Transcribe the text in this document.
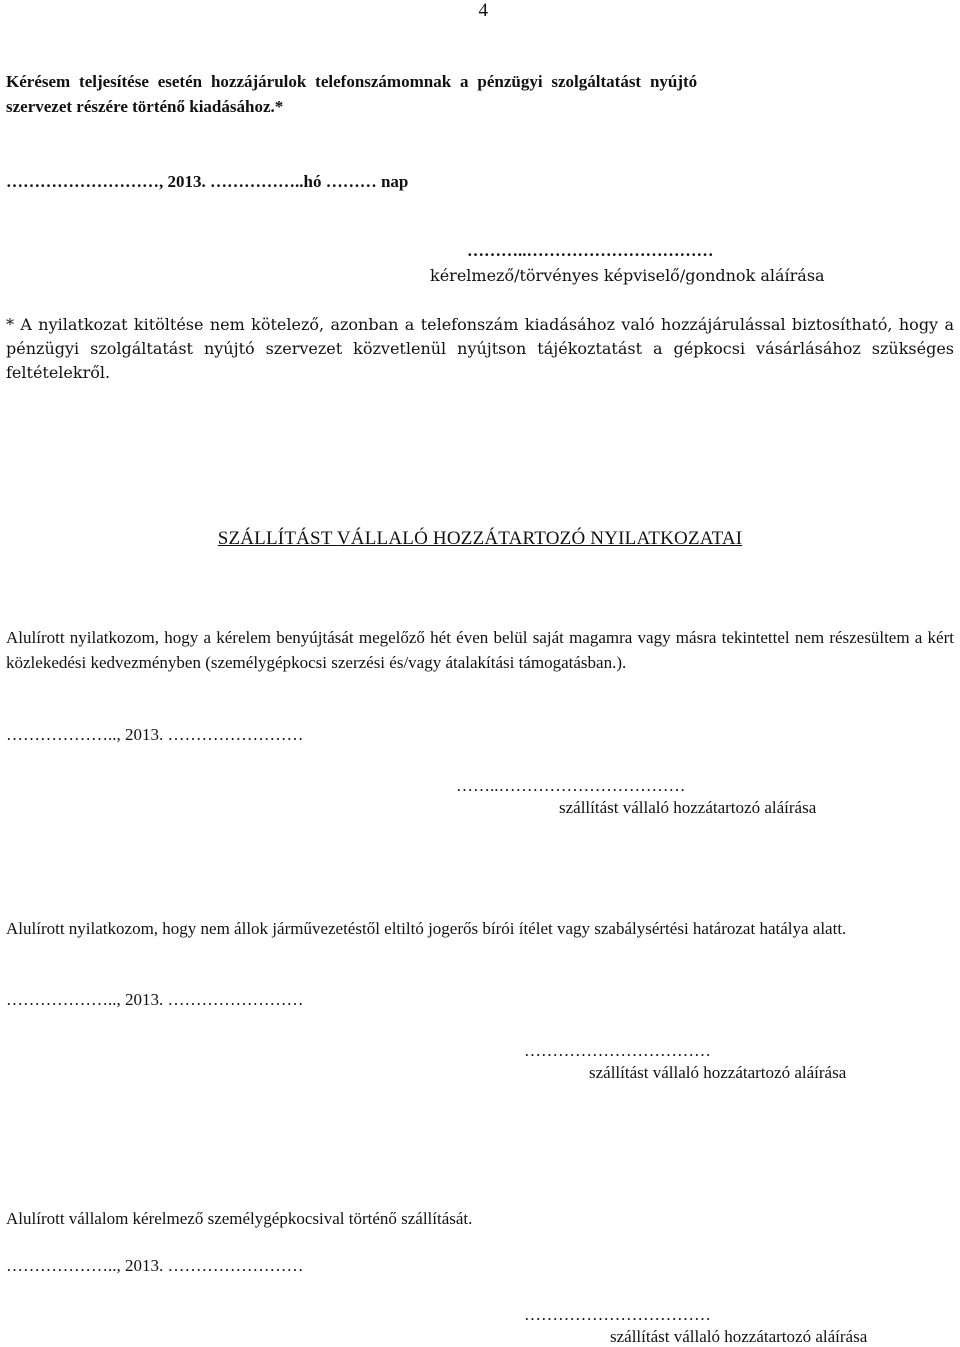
4
Kérésem teljesítése esetén hozzájárulok telefonszámomnak a pénzügyi szolgáltatást nyújtó
szervezet részére történő kiadásához.*
………………………, 2013. ……………..hó ……… nap
………..……………………………
kérelmező/törvényes képviselő/gondnok aláírása
* A nyilatkozat kitöltése nem kötelező, azonban a telefonszám kiadásához való hozzájárulással biztosítható, hogy a pénzügyi szolgáltatást nyújtó szervezet közvetlenül nyújtson tájékoztatást a gépkocsi vásárlásához szükséges feltételekről.
SZÁLLÍTÁST VÁLLALÓ HOZZÁTARTOZÓ NYILATKOZATAI
Alulírott nyilatkozom, hogy a kérelem benyújtását megelőző hét éven belül saját magamra vagy másra tekintettel nem részesültem a kért közlekedési kedvezményben (személygépkocsi szerzési és/vagy átalakítási támogatásban.).
……………….., 2013. ……………………
……..……………………………
szállítást vállaló hozzátartozó aláírása
Alulírott nyilatkozom, hogy nem állok járművezetéstől eltiltó jogerős bírói ítélet vagy szabálysértési határozat hatálya alatt.
……………….., 2013. ……………………
……………………………
szállítást vállaló hozzátartozó aláírása
Alulírott vállalom kérelmező személygépkocsival történő szállítását.
……………….., 2013. ……………………
……………………………
szállítást vállaló hozzátartozó aláírása
